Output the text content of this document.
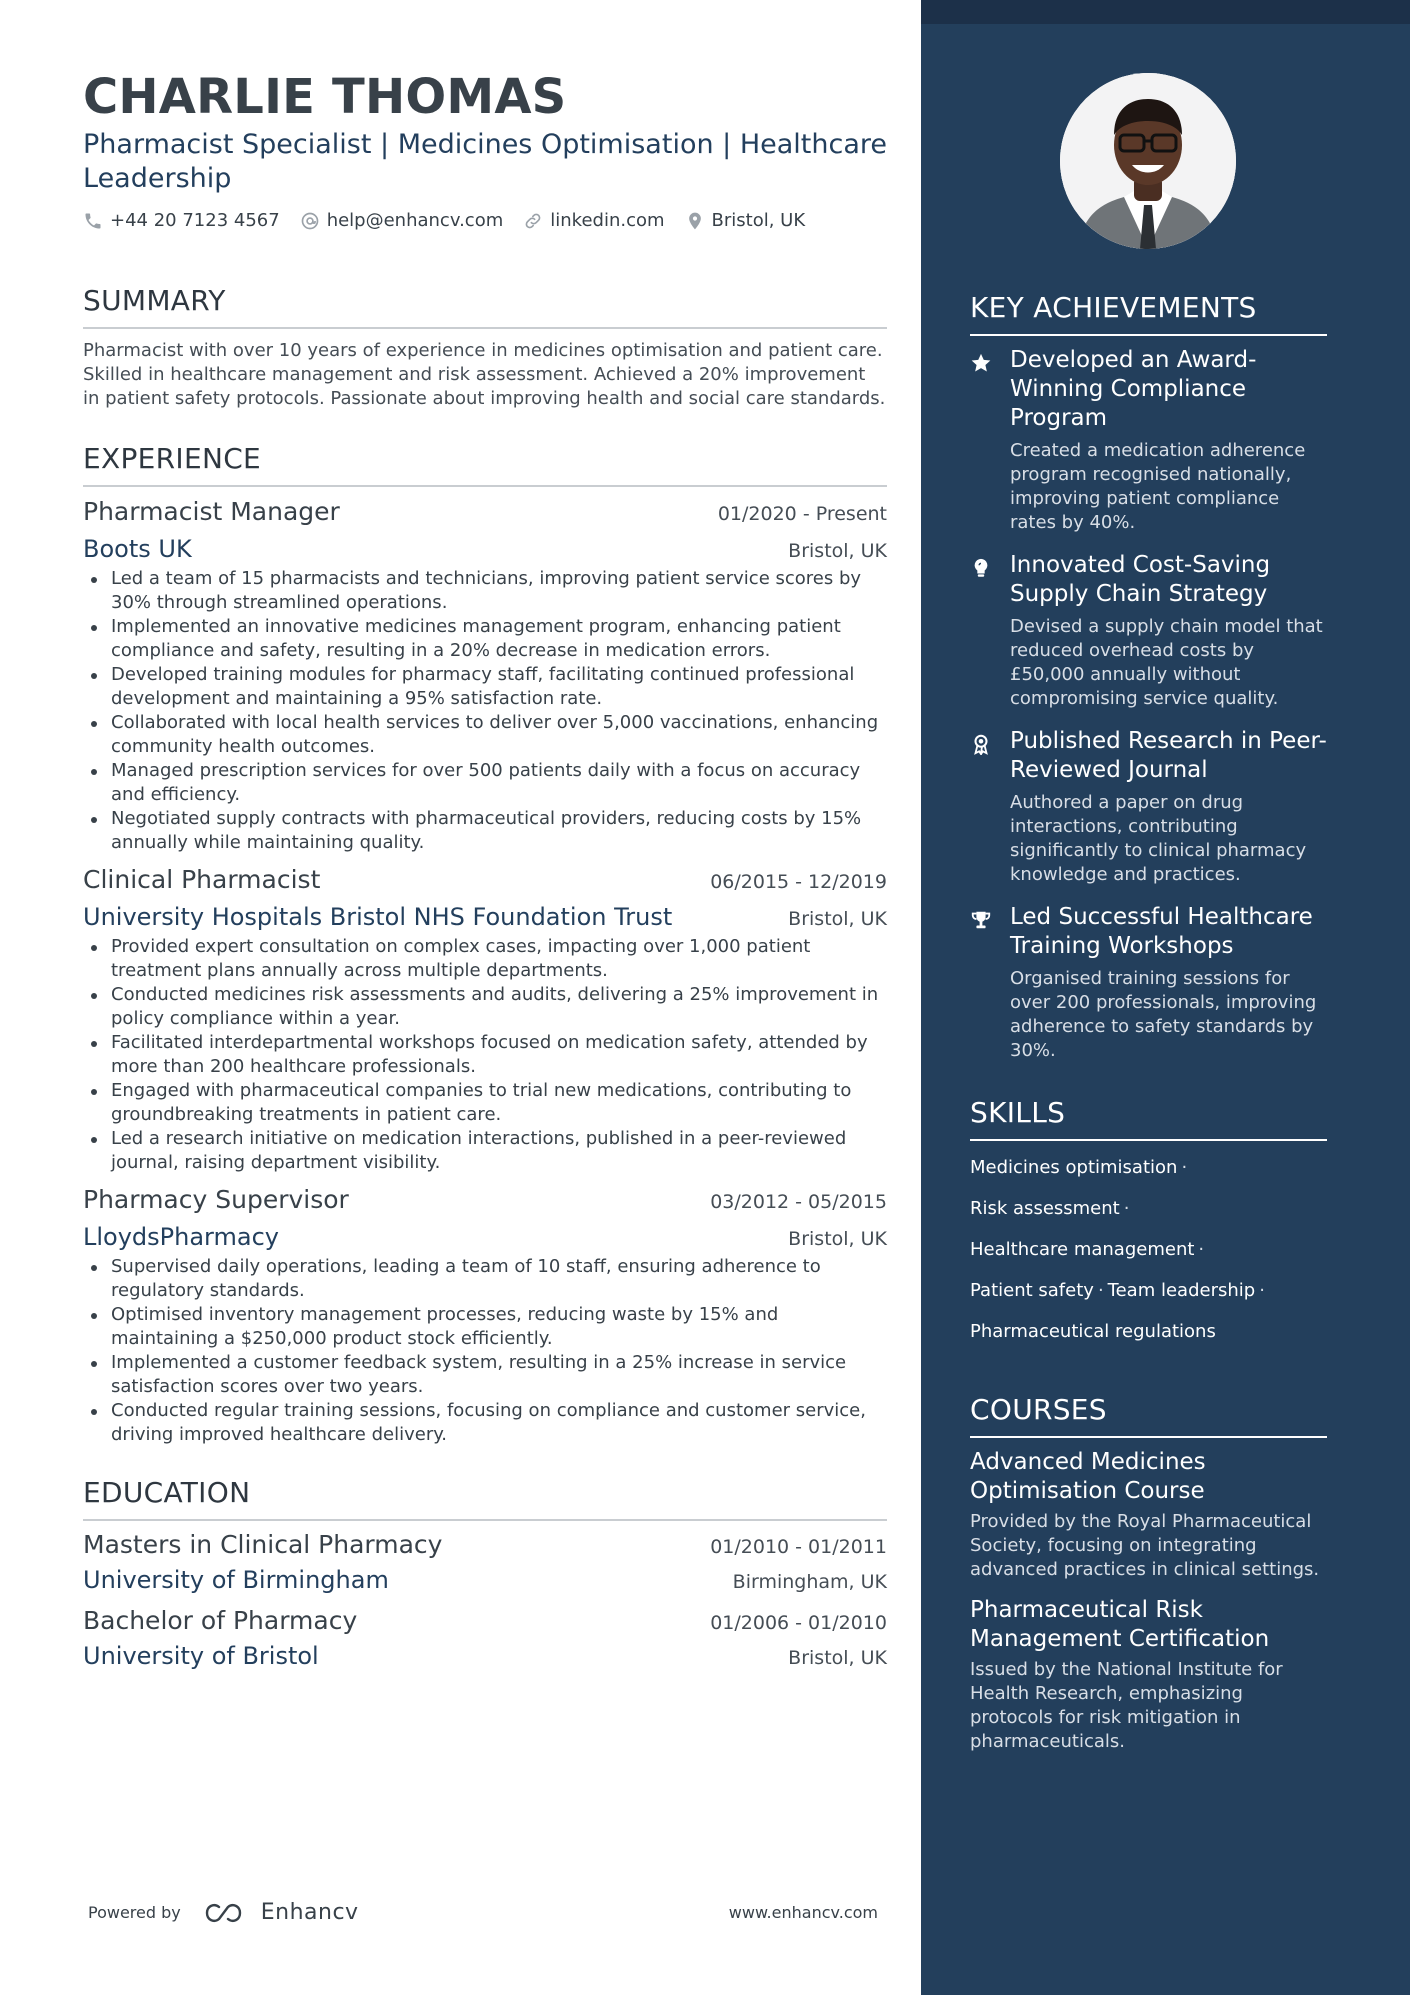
CHARLIE THOMAS
Pharmacist Specialist | Medicines Optimisation | Healthcare Leadership
+44 20 7123 4567	help@enhancv.com	linkedin.com	Bristol, UK
SUMMARY
Pharmacist with over 10 years of experience in medicines optimisation and patient care. Skilled in healthcare management and risk assessment. Achieved a 20% improvement in patient safety protocols. Passionate about improving health and social care standards.
EXPERIENCE
Pharmacist Manager	01/2020 - Present
Boots UK	Bristol, UK
Led a team of 15 pharmacists and technicians, improving patient service scores by 30% through streamlined operations.
Implemented an innovative medicines management program, enhancing patient compliance and safety, resulting in a 20% decrease in medication errors.
Developed training modules for pharmacy staff, facilitating continued professional development and maintaining a 95% satisfaction rate.
Collaborated with local health services to deliver over 5,000 vaccinations, enhancing community health outcomes.
Managed prescription services for over 500 patients daily with a focus on accuracy and efficiency.
Negotiated supply contracts with pharmaceutical providers, reducing costs by 15% annually while maintaining quality.
Clinical Pharmacist	06/2015 - 12/2019
University Hospitals Bristol NHS Foundation Trust	Bristol, UK
Provided expert consultation on complex cases, impacting over 1,000 patient treatment plans annually across multiple departments.
Conducted medicines risk assessments and audits, delivering a 25% improvement in policy compliance within a year.
Facilitated interdepartmental workshops focused on medication safety, attended by more than 200 healthcare professionals.
Engaged with pharmaceutical companies to trial new medications, contributing to groundbreaking treatments in patient care.
Led a research initiative on medication interactions, published in a peer-reviewed journal, raising department visibility.
Pharmacy Supervisor	03/2012 - 05/2015
LloydsPharmacy	Bristol, UK
Supervised daily operations, leading a team of 10 staff, ensuring adherence to regulatory standards.
Optimised inventory management processes, reducing waste by 15% and maintaining a $250,000 product stock efficiently.
Implemented a customer feedback system, resulting in a 25% increase in service satisfaction scores over two years.
Conducted regular training sessions, focusing on compliance and customer service, driving improved healthcare delivery.
EDUCATION
Masters in Clinical Pharmacy	01/2010 - 01/2011
University of Birmingham	Birmingham, UK
Bachelor of Pharmacy	01/2006 - 01/2010
University of Bristol	Bristol, UK
Powered by	Enhancv	www.enhancv.com
KEY ACHIEVEMENTS
Developed an Award-Winning Compliance Program
Created a medication adherence program recognised nationally, improving patient compliance rates by 40%.
Innovated Cost-Saving Supply Chain Strategy
Devised a supply chain model that reduced overhead costs by £50,000 annually without compromising service quality.
Published Research in Peer-Reviewed Journal
Authored a paper on drug interactions, contributing significantly to clinical pharmacy knowledge and practices.
Led Successful Healthcare Training Workshops
Organised training sessions for over 200 professionals, improving adherence to safety standards by 30%.
SKILLS
Medicines optimisation ·
Risk assessment ·
Healthcare management ·
Patient safety · Team leadership ·
Pharmaceutical regulations
COURSES
Advanced Medicines Optimisation Course
Provided by the Royal Pharmaceutical Society, focusing on integrating advanced practices in clinical settings.
Pharmaceutical Risk Management Certification
Issued by the National Institute for Health Research, emphasizing protocols for risk mitigation in pharmaceuticals.
